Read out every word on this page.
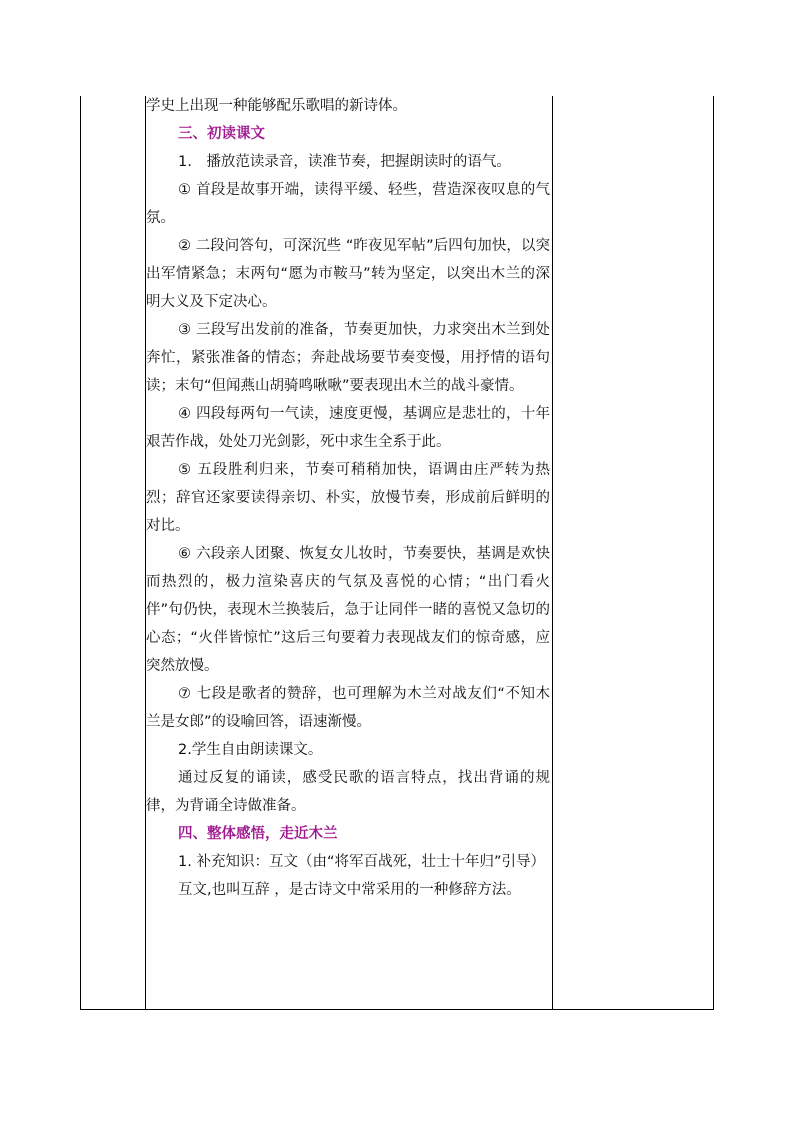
学史上出现一种能够配乐歌唱的新诗体。

三、初读课文

1.　播放范读录音，读准节奏，把握朗读时的语气。

① 首段是故事开端，读得平缓、轻些，营造深夜叹息的气氛。

② 二段问答句，可深沉些 “昨夜见军帖”后四句加快，以突出军情紧急；末两句“愿为市鞍马”转为坚定，以突出木兰的深明大义及下定决心。

③ 三段写出发前的准备，节奏更加快，力求突出木兰到处奔忙，紧张准备的情态；奔赴战场要节奏变慢，用抒情的语句读；末句“但闻燕山胡骑鸣啾啾”要表现出木兰的战斗豪情。

④ 四段每两句一气读，速度更慢，基调应是悲壮的，十年艰苦作战，处处刀光剑影，死中求生全系于此。

⑤ 五段胜利归来，节奏可稍稍加快，语调由庄严转为热烈；辞官还家要读得亲切、朴实，放慢节奏，形成前后鲜明的对比。

⑥ 六段亲人团聚、恢复女儿妆时，节奏要快，基调是欢快而热烈的，极力渲染喜庆的气氛及喜悦的心情；“出门看火伴”句仍快，表现木兰换装后，急于让同伴一睹的喜悦又急切的心态；“火伴皆惊忙”这后三句要着力表现战友们的惊奇感，应突然放慢。

⑦ 七段是歌者的赞辞，也可理解为木兰对战友们“不知木兰是女郎”的设喻回答，语速渐慢。

2.学生自由朗读课文。

通过反复的诵读，感受民歌的语言特点，找出背诵的规律，为背诵全诗做准备。

四、整体感悟，走近木兰

1. 补充知识：互文（由“将军百战死，壮士十年归”引导）

互文,也叫互辞 ，是古诗文中常采用的一种修辞方法。
